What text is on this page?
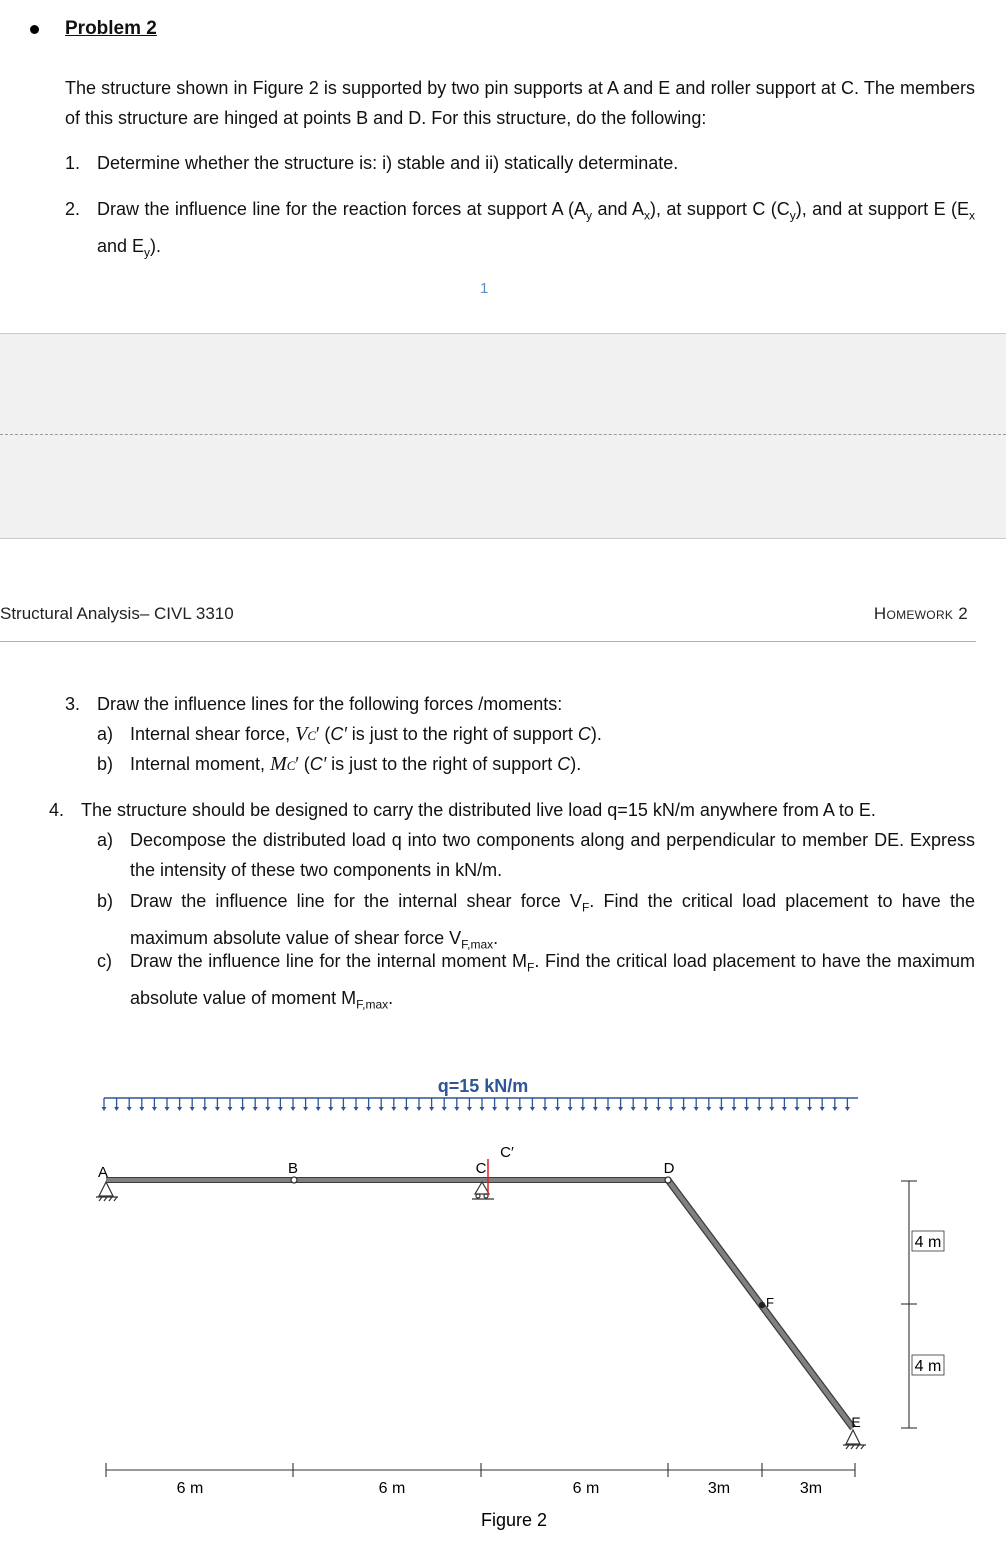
Problem 2
The structure shown in Figure 2 is supported by two pin supports at A and E and roller support at C. The members of this structure are hinged at points B and D. For this structure, do the following:
1. Determine whether the structure is: i) stable and ii) statically determinate.
2. Draw the influence line for the reaction forces at support A ($A_y$ and $A_x$), at support C $(C_y)$, and at support E ($E_x$ and $E_y$).
1
Structural Analysis– CIVL 3310	Homework 2
3. Draw the influence lines for the following forces /moments:
a) Internal shear force, VC′ (C′ is just to the right of support C).
b) Internal moment, MC′ (C′ is just to the right of support C).
4. The structure should be designed to carry the distributed live load q=15 kN/m anywhere from A to E.
a) Decompose the distributed load q into two components along and perpendicular to member DE. Express the intensity of these two components in kN/m.
b) Draw the influence line for the internal shear force $V_F$. Find the critical load placement to have the maximum absolute value of shear force $V_{F,max}$.
c) Draw the influence line for the internal moment $M_F$. Find the critical load placement to have the maximum absolute value of moment $M_{F,max}$.
q=15 kN/m
A	B	C
C′
D
F
E
6 m	6 m	6 m	3m	3m
4 m
4 m
Figure 2
